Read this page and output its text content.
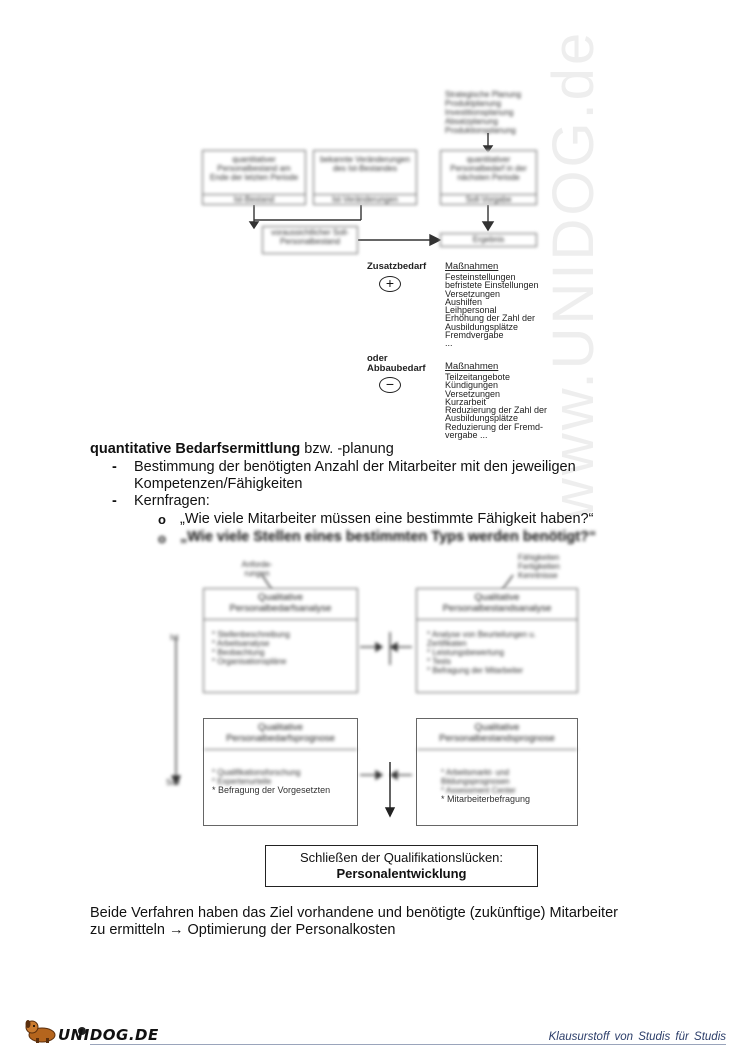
www.UNIDOG.de
Strategische Planung
Produktplanung
Investitionsplanung
Absatzplanung
Produktionsplanung
quantitativer Personalbestand am Ende der letzten Periode
Ist-Bestand
bekannte Veränderungen des Ist-Bestandes
Ist-Veränderungen
quantitativer Personalbedarf in der nächsten Periode
Soll-Vorgabe
voraussichtlicher Soll-Personalbestand	Ergebnis
Zusatzbedarf
+
Maßnahmen
Festeinstellungen
befristete Einstellungen
Versetzungen
Aushilfen
Leihpersonal
Erhöhung der Zahl der
Ausbildungsplätze
Fremdvergabe
...
oder
Abbaubedarf
−
Maßnahmen
Teilzeitangebote
Kündigungen
Versetzungen
Kurzarbeit
Reduzierung der Zahl der
Ausbildungsplätze
Reduzierung der Fremd-
vergabe ...
quantitative Bedarfsermittlung bzw. -planung
- Bestimmung der benötigten Anzahl der Mitarbeiter mit den jeweiligen
Kompetenzen/Fähigkeiten
- Kernfragen:
o „Wie viele Mitarbeiter müssen eine bestimmte Fähigkeit haben?“
o „Wie viele Stellen eines bestimmten Typs werden benötigt?“
Anforde- rungen
Fähigkeiten Fertigkeiten Kenntnisse
Ist
Soll
Qualitative Personalbedarfsanalyse
* Stellenbeschreibung
* Arbeitsanalyse
* Beobachtung
* Organisationspläne
Qualitative Personalbestandsanalyse
* Analyse von Beurteilungen u. Zertifikaten
* Leistungsbewertung
* Tests
* Befragung der Mitarbeiter
Qualitative Personalbedarfsprognose
* Qualifikationsforschung
* Expertenurteile
* Befragung der Vorgesetzten
Qualitative Personalbestandsprognose
* Arbeitsmarkt- und Bildungsprognosen
* Assessment Center
* Mitarbeiterbefragung
Schließen der Qualifikationslücken:
Personalentwicklung
Beide Verfahren haben das Ziel vorhandene und benötigte (zukünftige) Mitarbeiter
zu ermitteln → Optimierung der Personalkosten
UNIDOG.DE	Klausurstoff von Studis für Studis
